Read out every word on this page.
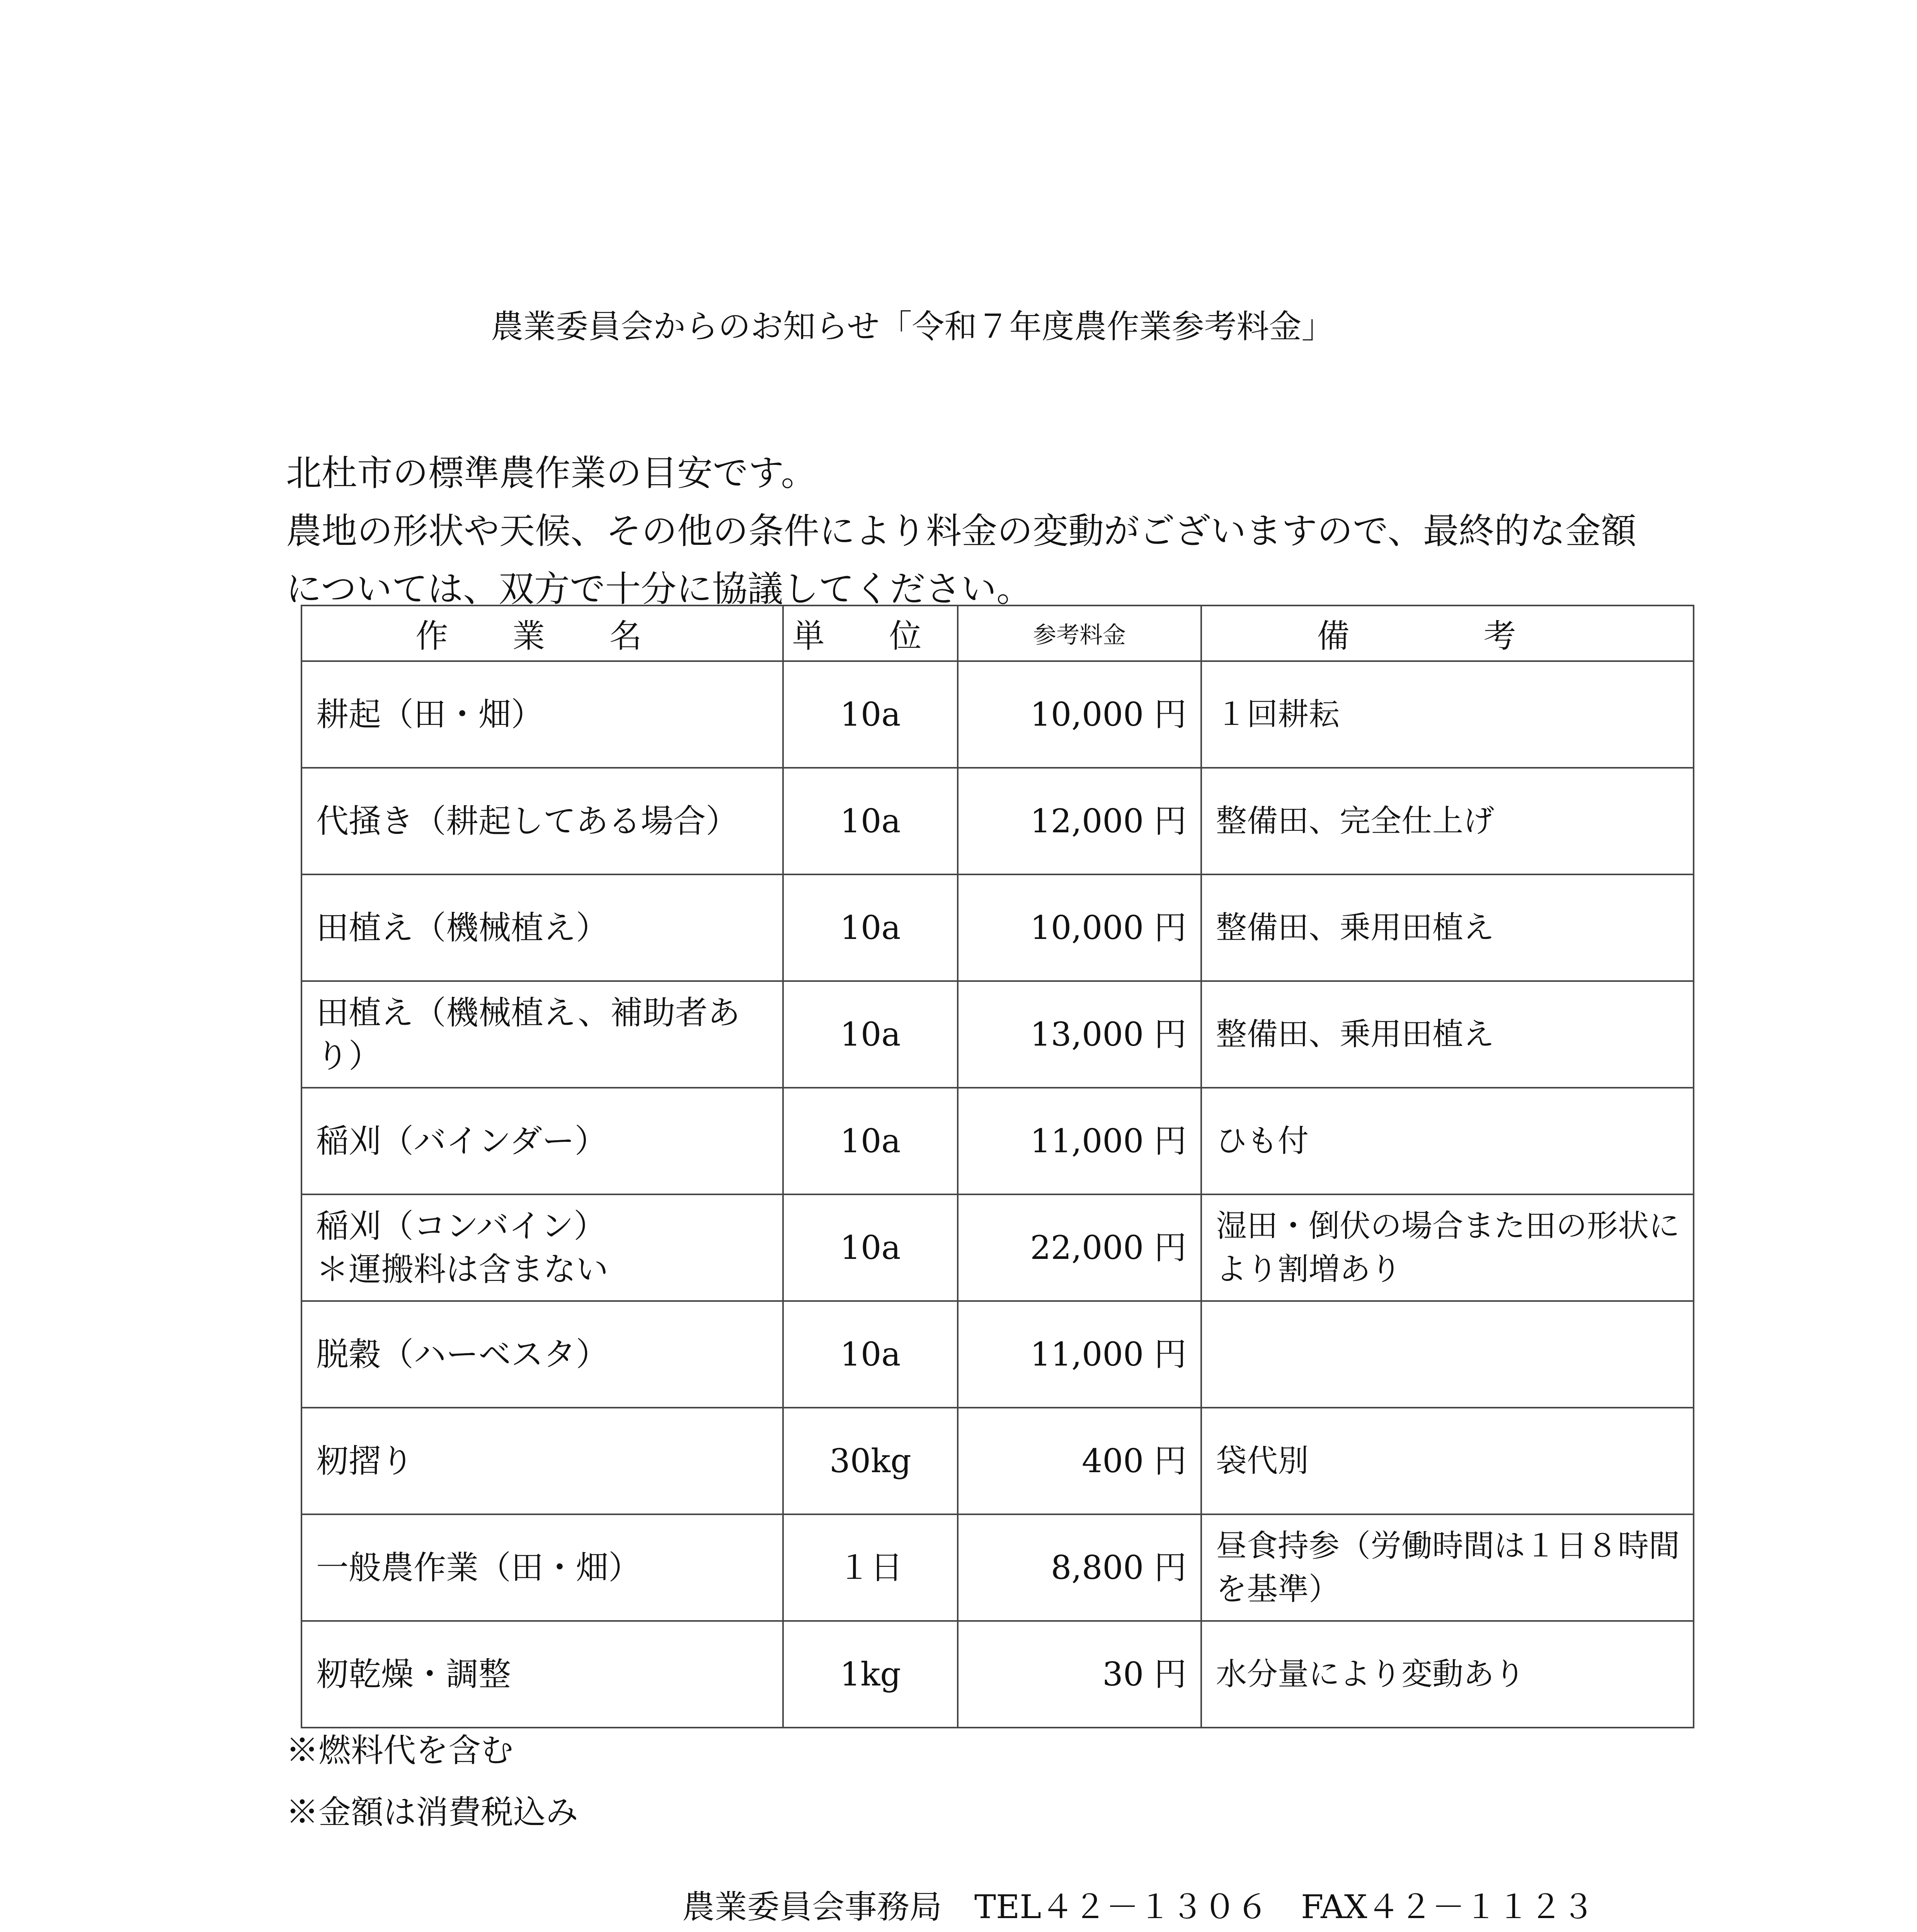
農業委員会からのお知らせ「令和７年度農作業参考料金」

北杜市の標準農作業の目安です。

農地の形状や天候、その他の条件により料金の変動がございますので、最終的な金額

については、双方で十分に協議してください。

作 業 名	単 位	参考料金	備 考
耕起（田・畑）	10a	10,000 円	１回耕耘
代掻き（耕起してある場合）	10a	12,000 円	整備田、完全仕上げ
田植え（機械植え）	10a	10,000 円	整備田、乗用田植え
田植え（機械植え、補助者あり）	10a	13,000 円	整備田、乗用田植え
稲刈（バインダー）	10a	11,000 円	ひも付

稲刈（コンバイン）
＊運搬料は含まない	10a	22,000 円	湿田・倒伏の場合また田の形状により割増あり
脱穀（ハーベスタ）	10a	11,000 円	
籾摺り	30kg	400 円	袋代別
一般農作業（田・畑）	１日	8,800 円	昼食持参（労働時間は１日８時間を基準）
籾乾燥・調整	1kg	30 円	水分量により変動あり

※燃料代を含む

※金額は消費税込み

農業委員会事務局　TEL４２－１３０６　FAX４２－１１２３
